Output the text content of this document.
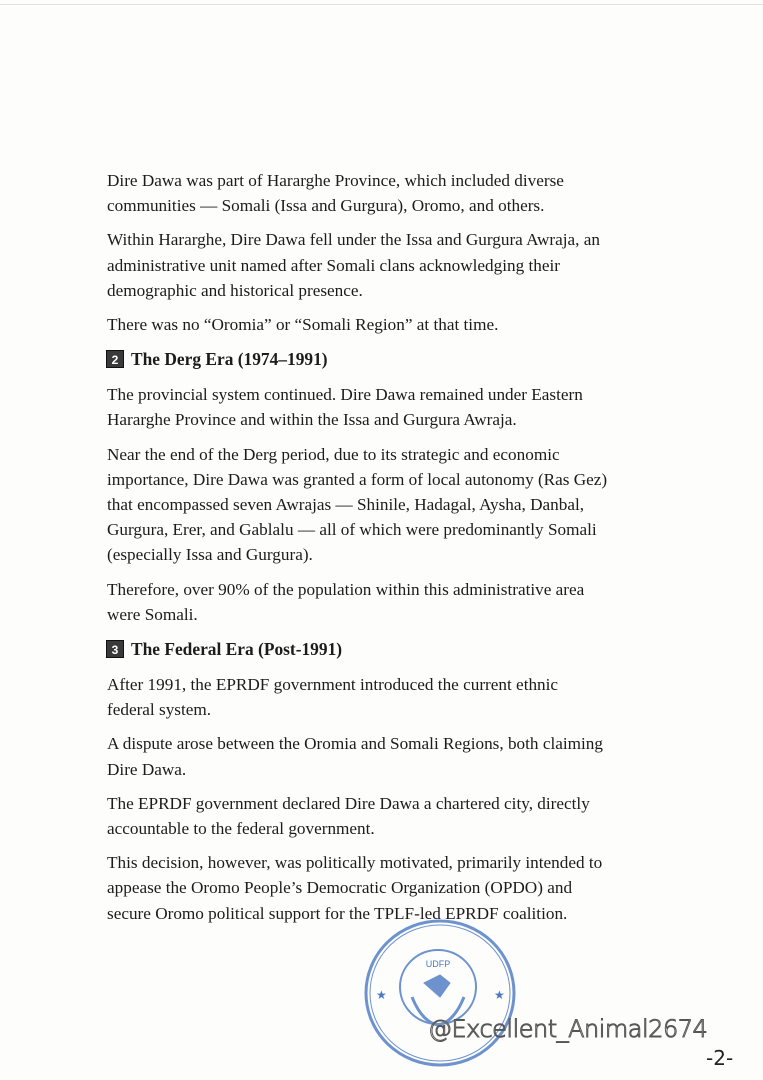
Dire Dawa was part of Hararghe Province, which included diverse
communities — Somali (Issa and Gurgura), Oromo, and others.

Within Hararghe, Dire Dawa fell under the Issa and Gurgura Awraja, an
administrative unit named after Somali clans acknowledging their
demographic and historical presence.

There was no “Oromia” or “Somali Region” at that time.

2 The Derg Era (1974–1991)

The provincial system continued. Dire Dawa remained under Eastern
Hararghe Province and within the Issa and Gurgura Awraja.

Near the end of the Derg period, due to its strategic and economic
importance, Dire Dawa was granted a form of local autonomy (Ras Gez)
that encompassed seven Awrajas — Shinile, Hadagal, Aysha, Danbal,
Gurgura, Erer, and Gablalu — all of which were predominantly Somali
(especially Issa and Gurgura).

Therefore, over 90% of the population within this administrative area
were Somali.

3 The Federal Era (Post-1991)

After 1991, the EPRDF government introduced the current ethnic
federal system.

A dispute arose between the Oromia and Somali Regions, both claiming
Dire Dawa.

The EPRDF government declared Dire Dawa a chartered city, directly
accountable to the federal government.

This decision, however, was politically motivated, primarily intended to
appease the Oromo People’s Democratic Organization (OPDO) and
secure Oromo political support for the TPLF-led EPRDF coalition.

UDFP
★	★
@Excellent_Animal2674
-2-
